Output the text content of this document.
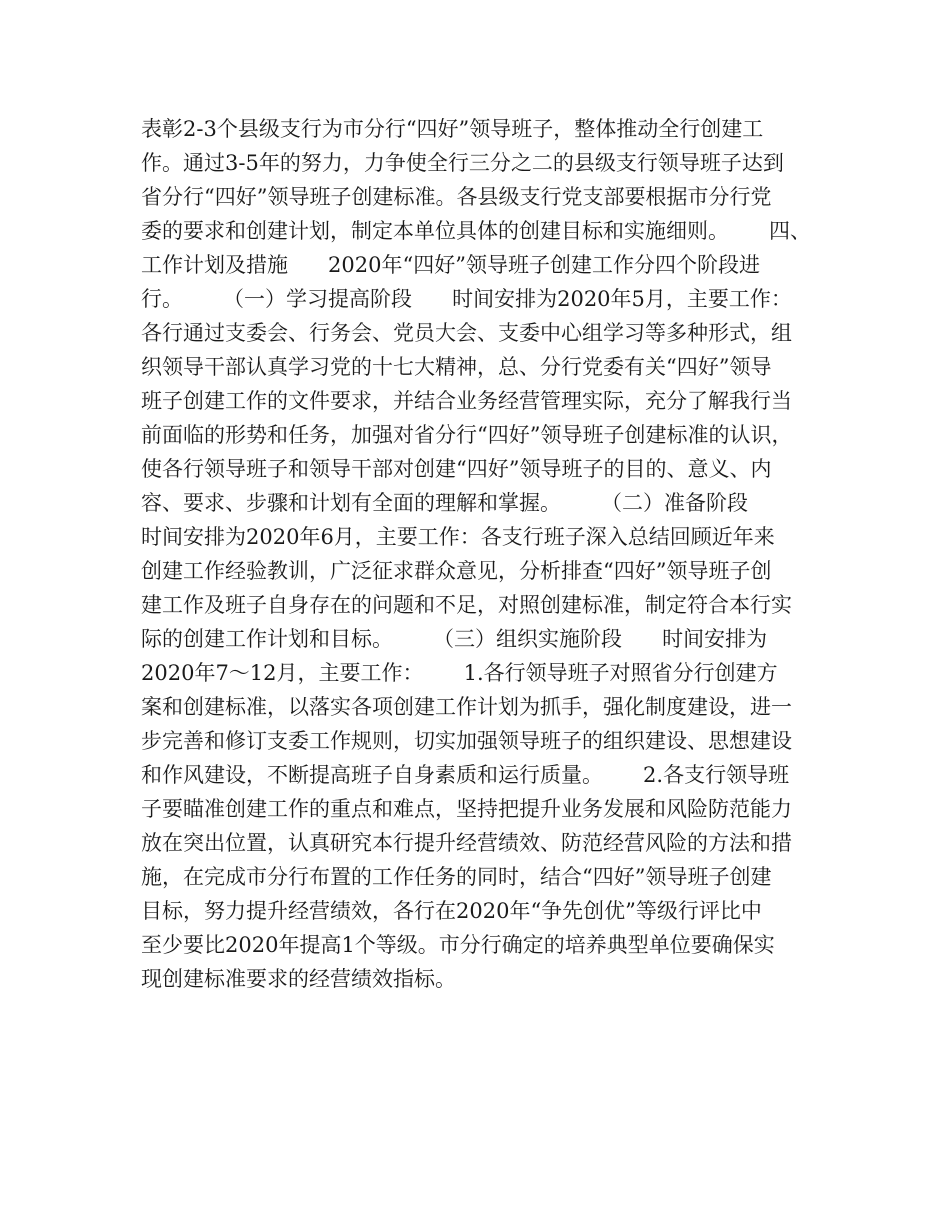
表彰2-3个县级支行为市分行“四好”领导班子，整体推动全行创建工

作。通过3-5年的努力，力争使全行三分之二的县级支行领导班子达到

省分行“四好”领导班子创建标准。各县级支行党支部要根据市分行党

委的要求和创建计划，制定本单位具体的创建目标和实施细则。      四、

工作计划及措施      2020年“四好”领导班子创建工作分四个阶段进

行。      （一）学习提高阶段      时间安排为2020年5月，主要工作：

各行通过支委会、行务会、党员大会、支委中心组学习等多种形式，组

织领导干部认真学习党的十七大精神，总、分行党委有关“四好”领导

班子创建工作的文件要求，并结合业务经营管理实际，充分了解我行当

前面临的形势和任务，加强对省分行“四好”领导班子创建标准的认识，

使各行领导班子和领导干部对创建“四好”领导班子的目的、意义、内

容、要求、步骤和计划有全面的理解和掌握。      （二）准备阶段

时间安排为2020年6月，主要工作：各支行班子深入总结回顾近年来

创建工作经验教训，广泛征求群众意见，分析排查“四好”领导班子创

建工作及班子自身存在的问题和不足，对照创建标准，制定符合本行实

际的创建工作计划和目标。      （三）组织实施阶段      时间安排为

2020年7～12月，主要工作：      1.各行领导班子对照省分行创建方

案和创建标准，以落实各项创建工作计划为抓手，强化制度建设，进一

步完善和修订支委工作规则，切实加强领导班子的组织建设、思想建设

和作风建设，不断提高班子自身素质和运行质量。      2.各支行领导班

子要瞄准创建工作的重点和难点，坚持把提升业务发展和风险防范能力

放在突出位置，认真研究本行提升经营绩效、防范经营风险的方法和措

施，在完成市分行布置的工作任务的同时，结合“四好”领导班子创建

目标，努力提升经营绩效，各行在2020年“争先创优”等级行评比中

至少要比2020年提高1个等级。市分行确定的培养典型单位要确保实

现创建标准要求的经营绩效指标。
